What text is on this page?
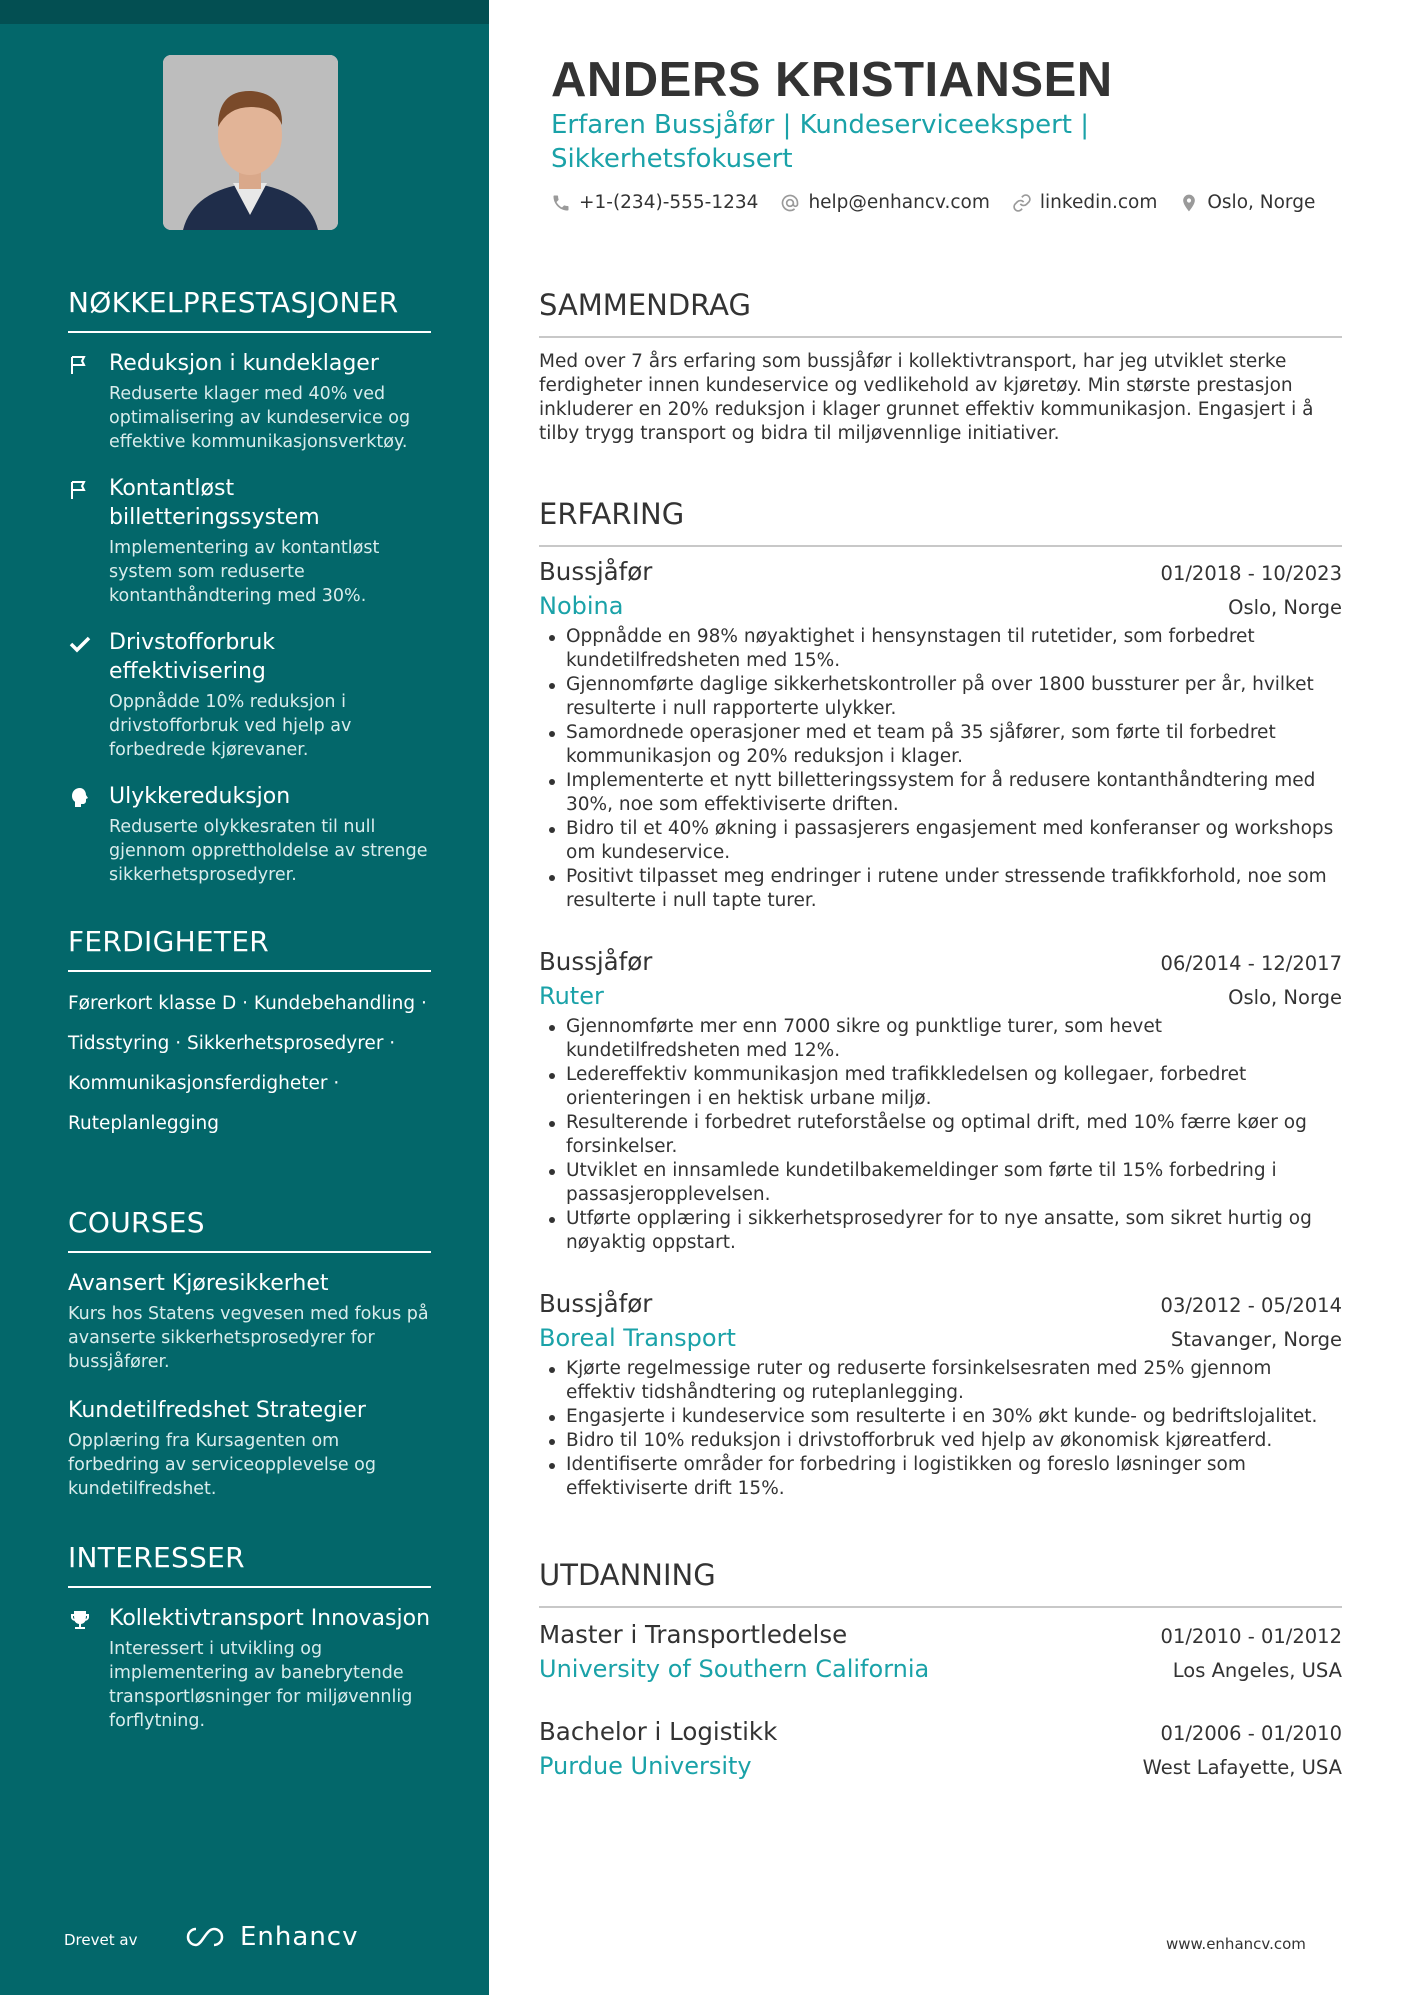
NØKKELPRESTASJONER
Reduksjon i kundeklager
Reduserte klager med 40% ved optimalisering av kundeservice og effektive kommunikasjonsverktøy.
Kontantløst billetteringssystem
Implementering av kontantløst system som reduserte kontanthåndtering med 30%.
Drivstofforbruk effektivisering
Oppnådde 10% reduksjon i drivstofforbruk ved hjelp av forbedrede kjørevaner.
Ulykkereduksjon
Reduserte olykkesraten til null gjennom opprettholdelse av strenge sikkerhetsprosedyrer.
FERDIGHETER
Førerkort klasse D · Kundebehandling ·
Tidsstyring · Sikkerhetsprosedyrer ·
Kommunikasjonsferdigheter ·
Ruteplanlegging
COURSES
Avansert Kjøresikkerhet
Kurs hos Statens vegvesen med fokus på avanserte sikkerhetsprosedyrer for bussjåfører.
Kundetilfredshet Strategier
Opplæring fra Kursagenten om forbedring av serviceopplevelse og kundetilfredshet.
INTERESSER
Kollektivtransport Innovasjon
Interessert i utvikling og implementering av banebrytende transportløsninger for miljøvennlig forflytning.
Drevet av	Enhancv
ANDERS KRISTIANSEN
Erfaren Bussjåfør | Kundeserviceekspert | Sikkerhetsfokusert
+1-(234)-555-1234	help@enhancv.com	linkedin.com	Oslo, Norge
SAMMENDRAG

Med over 7 års erfaring som bussjåfør i kollektivtransport, har jeg utviklet sterke ferdigheter innen kundeservice og vedlikehold av kjøretøy. Min største prestasjon inkluderer en 20% reduksjon i klager grunnet effektiv kommunikasjon. Engasjert i å tilby trygg transport og bidra til miljøvennlige initiativer.

ERFARING
Bussjåfør	01/2018 - 10/2023
Nobina	Oslo, Norge
Oppnådde en 98% nøyaktighet i hensynstagen til rutetider, som forbedret kundetilfredsheten med 15%.
Gjennomførte daglige sikkerhetskontroller på over 1800 bussturer per år, hvilket resulterte i null rapporterte ulykker.
Samordnede operasjoner med et team på 35 sjåfører, som førte til forbedret kommunikasjon og 20% reduksjon i klager.
Implementerte et nytt billetteringssystem for å redusere kontanthåndtering med 30%, noe som effektiviserte driften.
Bidro til et 40% økning i passasjerers engasjement med konferanser og workshops om kundeservice.
Positivt tilpasset meg endringer i rutene under stressende trafikkforhold, noe som resulterte i null tapte turer.
Bussjåfør	06/2014 - 12/2017
Ruter	Oslo, Norge
Gjennomførte mer enn 7000 sikre og punktlige turer, som hevet kundetilfredsheten med 12%.
Ledereffektiv kommunikasjon med trafikkledelsen og kollegaer, forbedret orienteringen i en hektisk urbane miljø.
Resulterende i forbedret ruteforståelse og optimal drift, med 10% færre køer og forsinkelser.
Utviklet en innsamlede kundetilbakemeldinger som førte til 15% forbedring i passasjeropplevelsen.
Utførte opplæring i sikkerhetsprosedyrer for to nye ansatte, som sikret hurtig og nøyaktig oppstart.
Bussjåfør	03/2012 - 05/2014
Boreal Transport	Stavanger, Norge
Kjørte regelmessige ruter og reduserte forsinkelsesraten med 25% gjennom effektiv tidshåndtering og ruteplanlegging.
Engasjerte i kundeservice som resulterte i en 30% økt kunde- og bedriftslojalitet.
Bidro til 10% reduksjon i drivstofforbruk ved hjelp av økonomisk kjøreatferd.
Identifiserte områder for forbedring i logistikken og foreslo løsninger som effektiviserte drift 15%.
UTDANNING
Master i Transportledelse	01/2010 - 01/2012
University of Southern California	Los Angeles, USA
Bachelor i Logistikk	01/2006 - 01/2010
Purdue University	West Lafayette, USA
www.enhancv.com
